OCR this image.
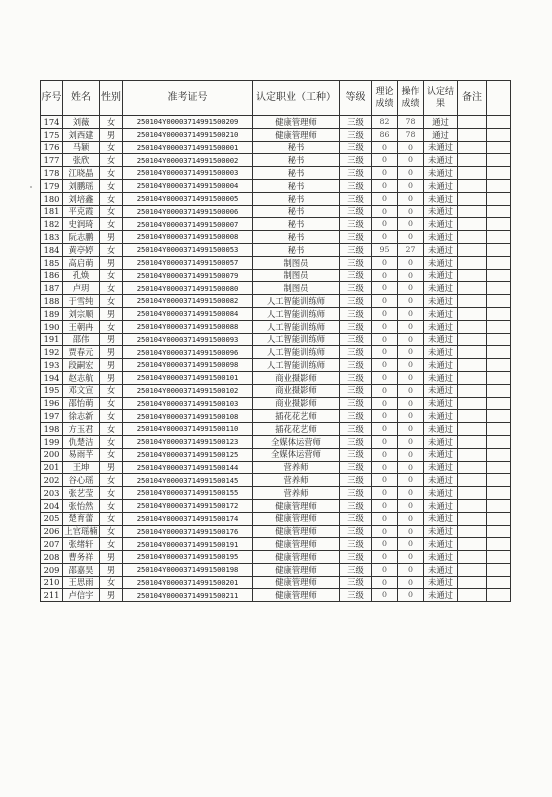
序号	姓名	性别	准考证号	认定职业（工种）	等级	理论成绩	操作成绩	认定结果	备注	
174	刘薇	女	250104Y00003714991500209	健康管理师	三级	82	78	通过		
175	刘西建	男	250104Y00003714991500210	健康管理师	三级	86	78	通过		
176	马颖	女	250104Y00003714991500001	秘书	三级	0	0	未通过		
177	张欣	女	250104Y00003714991500002	秘书	三级	0	0	未通过		
178	江晓晶	女	250104Y00003714991500003	秘书	三级	0	0	未通过		
179	刘鹏瑶	女	250104Y00003714991500004	秘书	三级	0	0	未通过		
180	刘培鑫	女	250104Y00003714991500005	秘书	三级	0	0	未通过		
181	平克霞	女	250104Y00003714991500006	秘书	三级	0	0	未通过		
182	史润琦	女	250104Y00003714991500007	秘书	三级	0	0	未通过		
183	阮志鹏	男	250104Y00003714991500008	秘书	三级	0	0	未通过		
184	黄亭婷	女	250104Y00003714991500053	秘书	三级	95	27	未通过		
185	高启萌	男	250104Y00003714991500057	制图员	三级	0	0	未通过		
186	孔焕	女	250104Y00003714991500079	制图员	三级	0	0	未通过		
187	卢玥	女	250104Y00003714991500080	制图员	三级	0	0	未通过		
188	于雪纯	女	250104Y00003714991500082	人工智能训练师	三级	0	0	未通过		
189	刘宗顺	男	250104Y00003714991500084	人工智能训练师	三级	0	0	未通过		
190	王朝冉	女	250104Y00003714991500088	人工智能训练师	三级	0	0	未通过		
191	邵伟	男	250104Y00003714991500093	人工智能训练师	三级	0	0	未通过		
192	贾春元	男	250104Y00003714991500096	人工智能训练师	三级	0	0	未通过		
193	段嗣宏	男	250104Y00003714991500098	人工智能训练师	三级	0	0	未通过		
194	赵志航	男	250104Y00003714991500101	商业摄影师	三级	0	0	未通过		
195	邓文宣	女	250104Y00003714991500102	商业摄影师	三级	0	0	未通过		
196	邵怡萌	女	250104Y00003714991500103	商业摄影师	三级	0	0	未通过		
197	徐志新	女	250104Y00003714991500108	插花花艺师	三级	0	0	未通过		
198	方玉君	女	250104Y00003714991500110	插花花艺师	三级	0	0	未通过		
199	仇楚洁	女	250104Y00003714991500123	全媒体运营师	三级	0	0	未通过		
200	易雨芊	女	250104Y00003714991500125	全媒体运营师	三级	0	0	未通过		
201	王坤	男	250104Y00003714991500144	营养师	三级	0	0	未通过		
202	谷心瑶	女	250104Y00003714991500145	营养师	三级	0	0	未通过		
203	张艺莹	女	250104Y00003714991500155	营养师	三级	0	0	未通过		
204	张怡然	女	250104Y00003714991500172	健康管理师	三级	0	0	未通过		
205	楚育蕾	女	250104Y00003714991500174	健康管理师	三级	0	0	未通过		
206	上官瑶楠	女	250104Y00003714991500176	健康管理师	三级	0	0	未通过		
207	张绪轩	女	250104Y00003714991500191	健康管理师	三级	0	0	未通过		
208	曹务祥	男	250104Y00003714991500195	健康管理师	三级	0	0	未通过		
209	邵嘉昊	男	250104Y00003714991500198	健康管理师	三级	0	0	未通过		
210	王思雨	女	250104Y00003714991500201	健康管理师	三级	0	0	未通过		
211	卢信宇	男	250104Y00003714991500211	健康管理师	三级	0	0	未通过		
